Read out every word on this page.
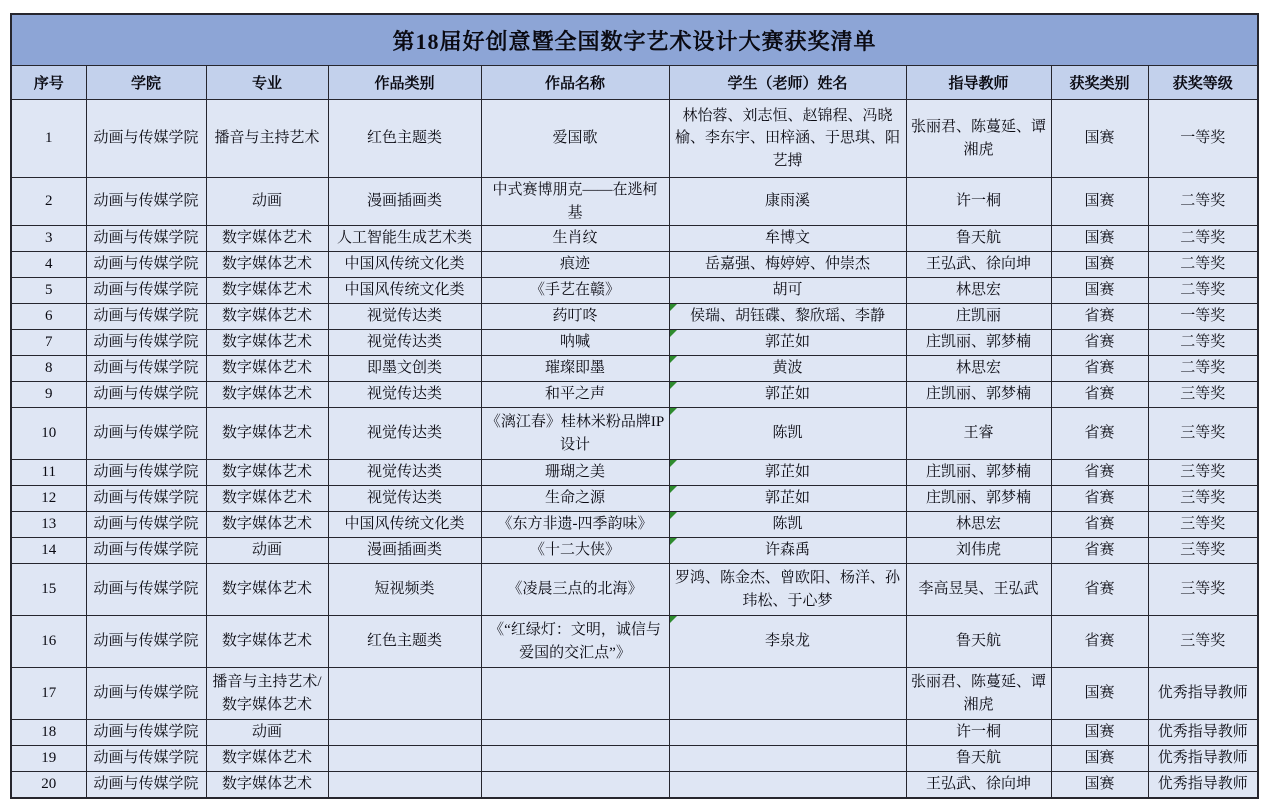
第18届好创意暨全国数字艺术设计大赛获奖清单								
序号	学院	专业	作品类别	作品名称	学生（老师）姓名	指导教师	获奖类别	获奖等级
1	动画与传媒学院	播音与主持艺术	红色主题类	爱国歌	林怡蓉、刘志恒、赵锦程、冯晓榆、李东宇、田梓涵、于思琪、阳艺搏	张丽君、陈蔓延、谭湘虎	国赛	一等奖
2	动画与传媒学院	动画	漫画插画类	中式赛博朋克——在逃柯基	康雨溪	许一桐	国赛	二等奖
3	动画与传媒学院	数字媒体艺术	人工智能生成艺术类	生肖纹	牟博文	鲁天航	国赛	二等奖
4	动画与传媒学院	数字媒体艺术	中国风传统文化类	痕迹	岳嘉强、梅婷婷、仲崇杰	王弘武、徐向坤	国赛	二等奖
5	动画与传媒学院	数字媒体艺术	中国风传统文化类	《手艺在赣》	胡可	林思宏	国赛	二等奖
6	动画与传媒学院	数字媒体艺术	视觉传达类	药叮咚	侯瑞、胡钰碟、黎欣瑶、李静	庄凯丽	省赛	一等奖
7	动画与传媒学院	数字媒体艺术	视觉传达类	呐喊	郭芷如	庄凯丽、郭梦楠	省赛	二等奖
8	动画与传媒学院	数字媒体艺术	即墨文创类	璀璨即墨	黄波	林思宏	省赛	二等奖
9	动画与传媒学院	数字媒体艺术	视觉传达类	和平之声	郭芷如	庄凯丽、郭梦楠	省赛	三等奖
10	动画与传媒学院	数字媒体艺术	视觉传达类	《漓江春》桂林米粉品牌IP设计	陈凯	王睿	省赛	三等奖
11	动画与传媒学院	数字媒体艺术	视觉传达类	珊瑚之美	郭芷如	庄凯丽、郭梦楠	省赛	三等奖
12	动画与传媒学院	数字媒体艺术	视觉传达类	生命之源	郭芷如	庄凯丽、郭梦楠	省赛	三等奖
13	动画与传媒学院	数字媒体艺术	中国风传统文化类	《东方非遗-四季韵味》	陈凯	林思宏	省赛	三等奖
14	动画与传媒学院	动画	漫画插画类	《十二大侠》	许森禹	刘伟虎	省赛	三等奖
15	动画与传媒学院	数字媒体艺术	短视频类	《凌晨三点的北海》	罗鸿、陈金杰、曾欧阳、杨洋、孙玮松、于心梦	李高昱昊、王弘武	省赛	三等奖
16	动画与传媒学院	数字媒体艺术	红色主题类	《“红绿灯：文明，诚信与爱国的交汇点”》	李泉龙	鲁天航	省赛	三等奖
17	动画与传媒学院	播音与主持艺术/数字媒体艺术				张丽君、陈蔓延、谭湘虎	国赛	优秀指导教师
18	动画与传媒学院	动画				许一桐	国赛	优秀指导教师
19	动画与传媒学院	数字媒体艺术				鲁天航	国赛	优秀指导教师
20	动画与传媒学院	数字媒体艺术				王弘武、徐向坤	国赛	优秀指导教师
